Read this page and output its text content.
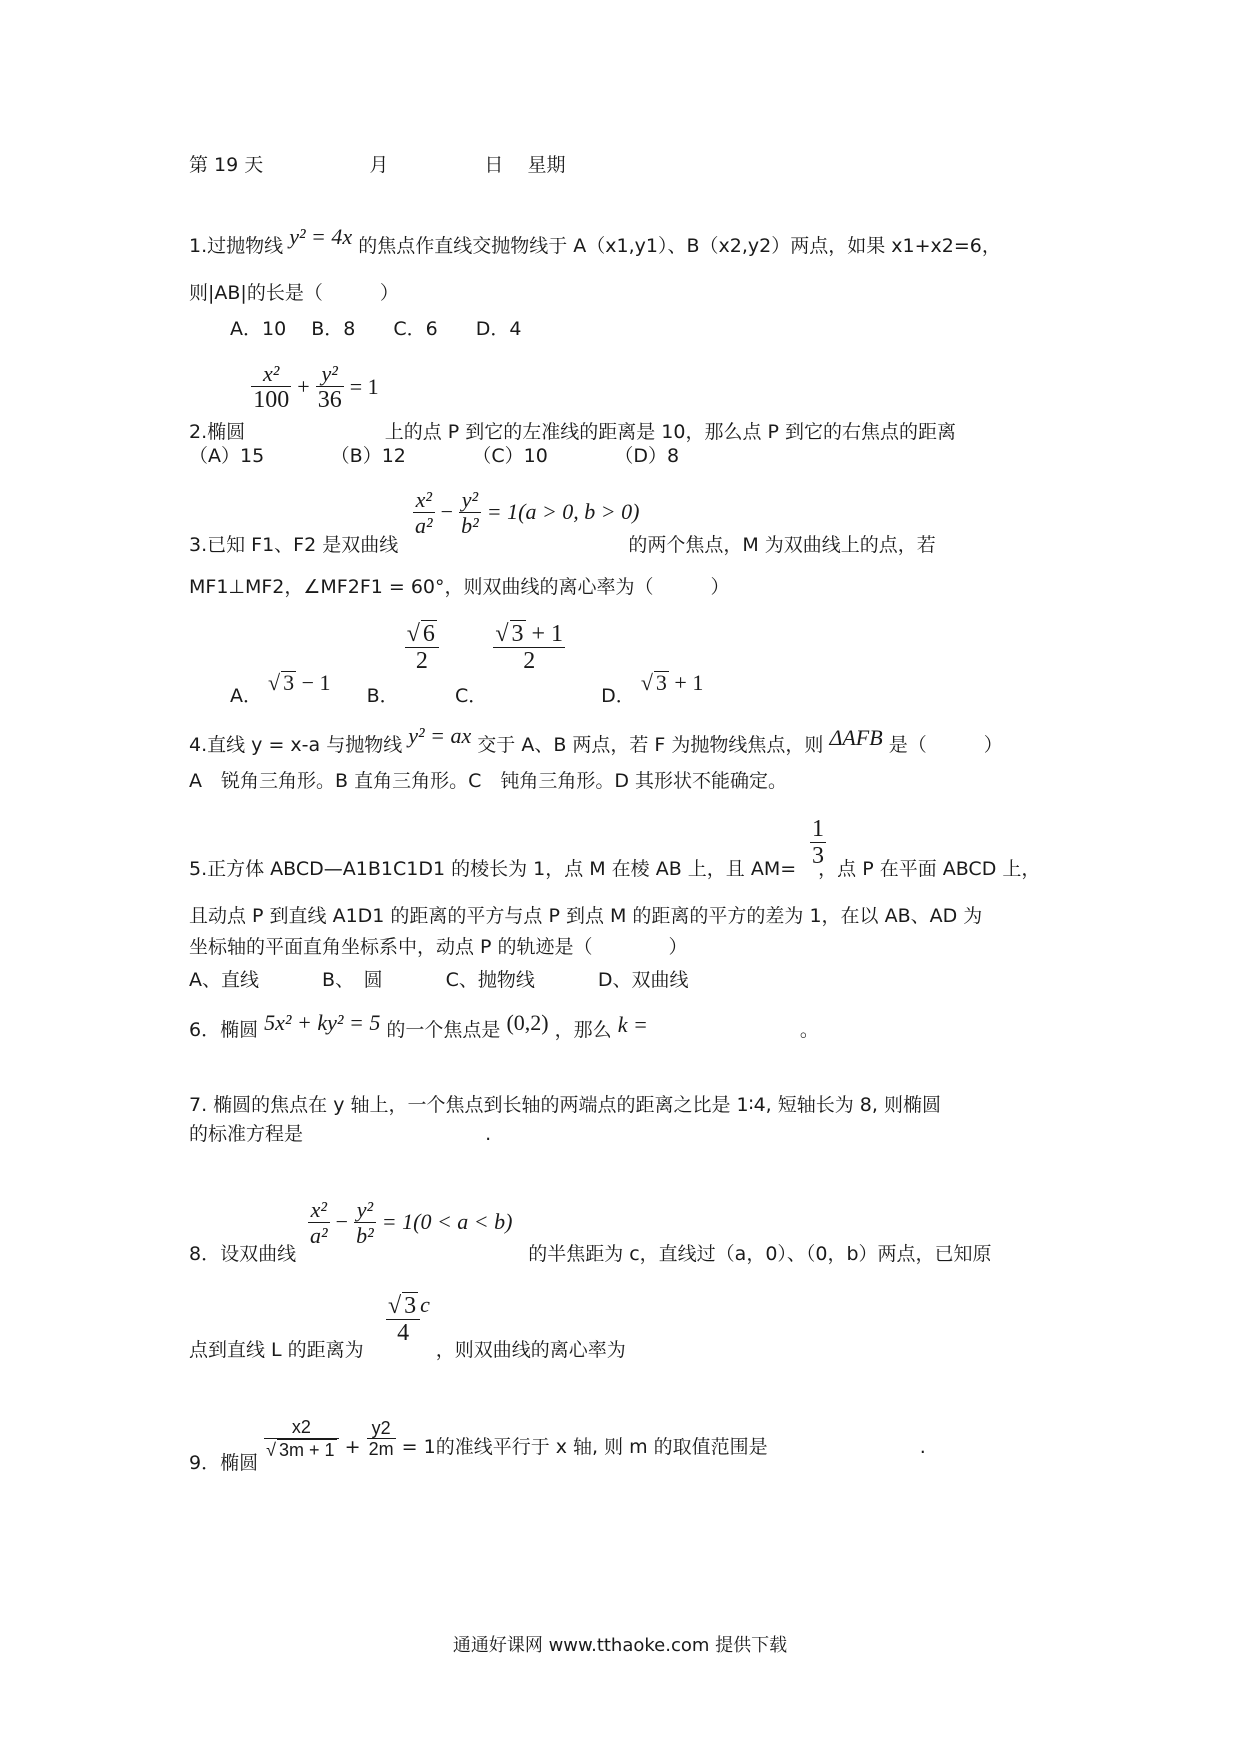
第 19 天	月	日 星期
1.过抛物线 y² = 4x 的焦点作直线交抛物线于 A（x1,y1）、B（x2,y2）两点，如果 x1+x2=6，
则|AB|的长是（　　　）
A．10　 B．8　　C．6　　D．4
2.椭圆
$\frac{\text{x²}}{100} + \frac{\text{y²}}{36} = 1$ 上的点 P 到它的左准线的距离是 10，那么点 P 到它的右焦点的距离
（A）15　　　　（B）12　　　　（C）10　　　　（D）8
$\frac{\text{x²}}{\text{a²}} - \frac{\text{y²}}{\text{b²}} = 1(a > 0$, b > 0)
3.已知 F1、F2 是双曲线	的两个焦点，M 为双曲线上的点，若
MF1⊥MF2，∠MF2F1 = 60°，则双曲线的离心率为（　　　）
A． √ 3 − 1  B．
$\frac{√ 6}{2}$
C．
$\frac{√ 3 + 1}{2}$
D． √ 3 + 1
4.直线 y = x-a 与抛物线 y² = ax 交于 A、B 两点，若 F 为抛物线焦点，则 ΔAFB 是（　　　）
A　锐角三角形。B 直角三角形。C　钝角三角形。D 其形状不能确定。
$\frac{1}{3}$
5.正方体 ABCD—A1B1C1D1 的棱长为 1，点 M 在棱 AB 上，且 AM= ，点 P 在平面 ABCD 上，
且动点 P 到直线 A1D1 的距离的平方与点 P 到点 M 的距离的平方的差为 1，在以 AB、AD 为
坐标轴的平面直角坐标系中，动点 P 的轨迹是（　　　　）
A、直线　　　 B、　圆　　　 C、抛物线　　　 D、双曲线
6．椭圆 5x² + ky² = 5 的一个焦点是 (0,2) ，那么 k =	。
7. 椭圆的焦点在 y 轴上，一个焦点到长轴的两端点的距离之比是 1∶4, 短轴长为 8, 则椭圆
的标准方程是	.
$\frac{\text{x²}}{\text{a²}} - \frac{\text{y²}}{\text{b²}} = 1(0 < a < b)$
8．设双曲线	的半焦距为 c，直线过（a，0）、（0，b）两点，已知原
$\frac{√ 3}{4}$ c
点到直线 L 的距离为	，则双曲线的离心率为
9．椭圆
$\frac{x2}{√ 3m + 1} + \frac{y2}{2m} = 1$的准线平行于 x 轴, 则 m 的取值范围是	.
通通好课网 www.tthaoke.com 提供下载
